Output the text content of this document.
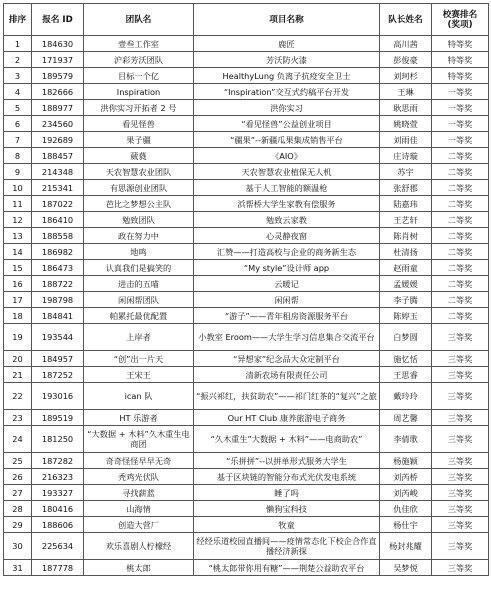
排序	报名 ID	团队名	项目名称	队长姓名	校赛排名
(奖项)

1	184630	壹叁工作室	鹿匠	高川茜	特等奖
2	171937	沪彩芳沃团队	芳沃防火漆	彭俊豪	特等奖
3	189579	目标一个亿	HealthyLung 负离子抗疫安全卫士	刘珂杉	特等奖
4	182666	Inspiration	“Inspiration”交互式约稿平台开发	王琳	一等奖
5	188977	洪你实习开拓者 2 号	洪你实习	耿思雨	一等奖
6	234560	看见怪兽	“看见怪兽”公益创业项目	姚晓萱	一等奖
7	192689	果子疆	“疆果”--新疆瓜果集成销售平台	刘雨佳	一等奖
8	188457	葳蕤	《AIO》	庄诗璇	二等奖
9	214348	天农智慧农业团队	天农智慧农业植保无人机	苏宇	二等奖
10	215341	有思源创业团队	基于人工智能的额温枪	张舒郡	二等奖
11	187022	芭比之梦想公主队	浜帮桥大学生家教有偿服务	陆嘉玮	二等奖
12	186410	勉致团队	勉致云家教	王艺轩	二等奖
13	188558	政在努力中	心灵静夜窗	陈肖树	二等奖
14	186982	地鸣	汇赞——打造高校与企业的商务新生态	杜清扬	二等奖
15	186473	认真我们是搞笑的	“My style”设计师 app	赵雨童	二等奖
16	188722	进击的五喵	云暖记	孟媛媛	二等奖
17	198798	闲闲帮团队	闲闲帮	李子腾	二等奖
18	184841	帕累托最优配置	“游子”——青年租房资源服务平台	陈婷玉	二等奖
19	193544	上岸者	小教室 Eroom——大学生学习信息集合交流平台	白梦圆	三等奖
20	184957	“创”出一片天	“异想家”纪念品大众定制平台	施忆恬	三等奖
21	187252	王宋王	清新农场有限责任公司	王思睿	三等奖
22	193016	ican 队	“振兴祁红，扶贫助农”——祁门红茶的“复兴”之旅	戴玲玲	三等奖
23	189519	HT 乐游者	Our HT Club 康养旅游电子商务	周艺馨	三等奖
24	181250	“大数据 + 木料”久木重生电商团	“久木重生”大数据 + 木料”——电商助农”	李倩歌	三等奖
25	187282	奇奇怪怪早早无奇	“乐拼拼”--以拼单形式服务大学生	杨施颖	三等奖
26	216323	秃鸡光伏队	基于区块链的智能分布式光伏发电系统	刘芮桥	三等奖
27	193327	寻找薪蓝	睡了吗	刘芮峻	三等奖
28	180416	山海情	懒狗宝科技	仇佳欣	三等奖
29	188606	创造大营厂	牧童	杨仕宇	三等奖
30	225634	欢乐喜剧人柠檬经	经经乐道校园直播间——疫情常态化下校企合作直播经济新探	杨封兆耀	三等奖
31	187778	桃太郎	“桃太郎带你用有糖”——荆楚公益助农平台	吴梦悦	三等奖
